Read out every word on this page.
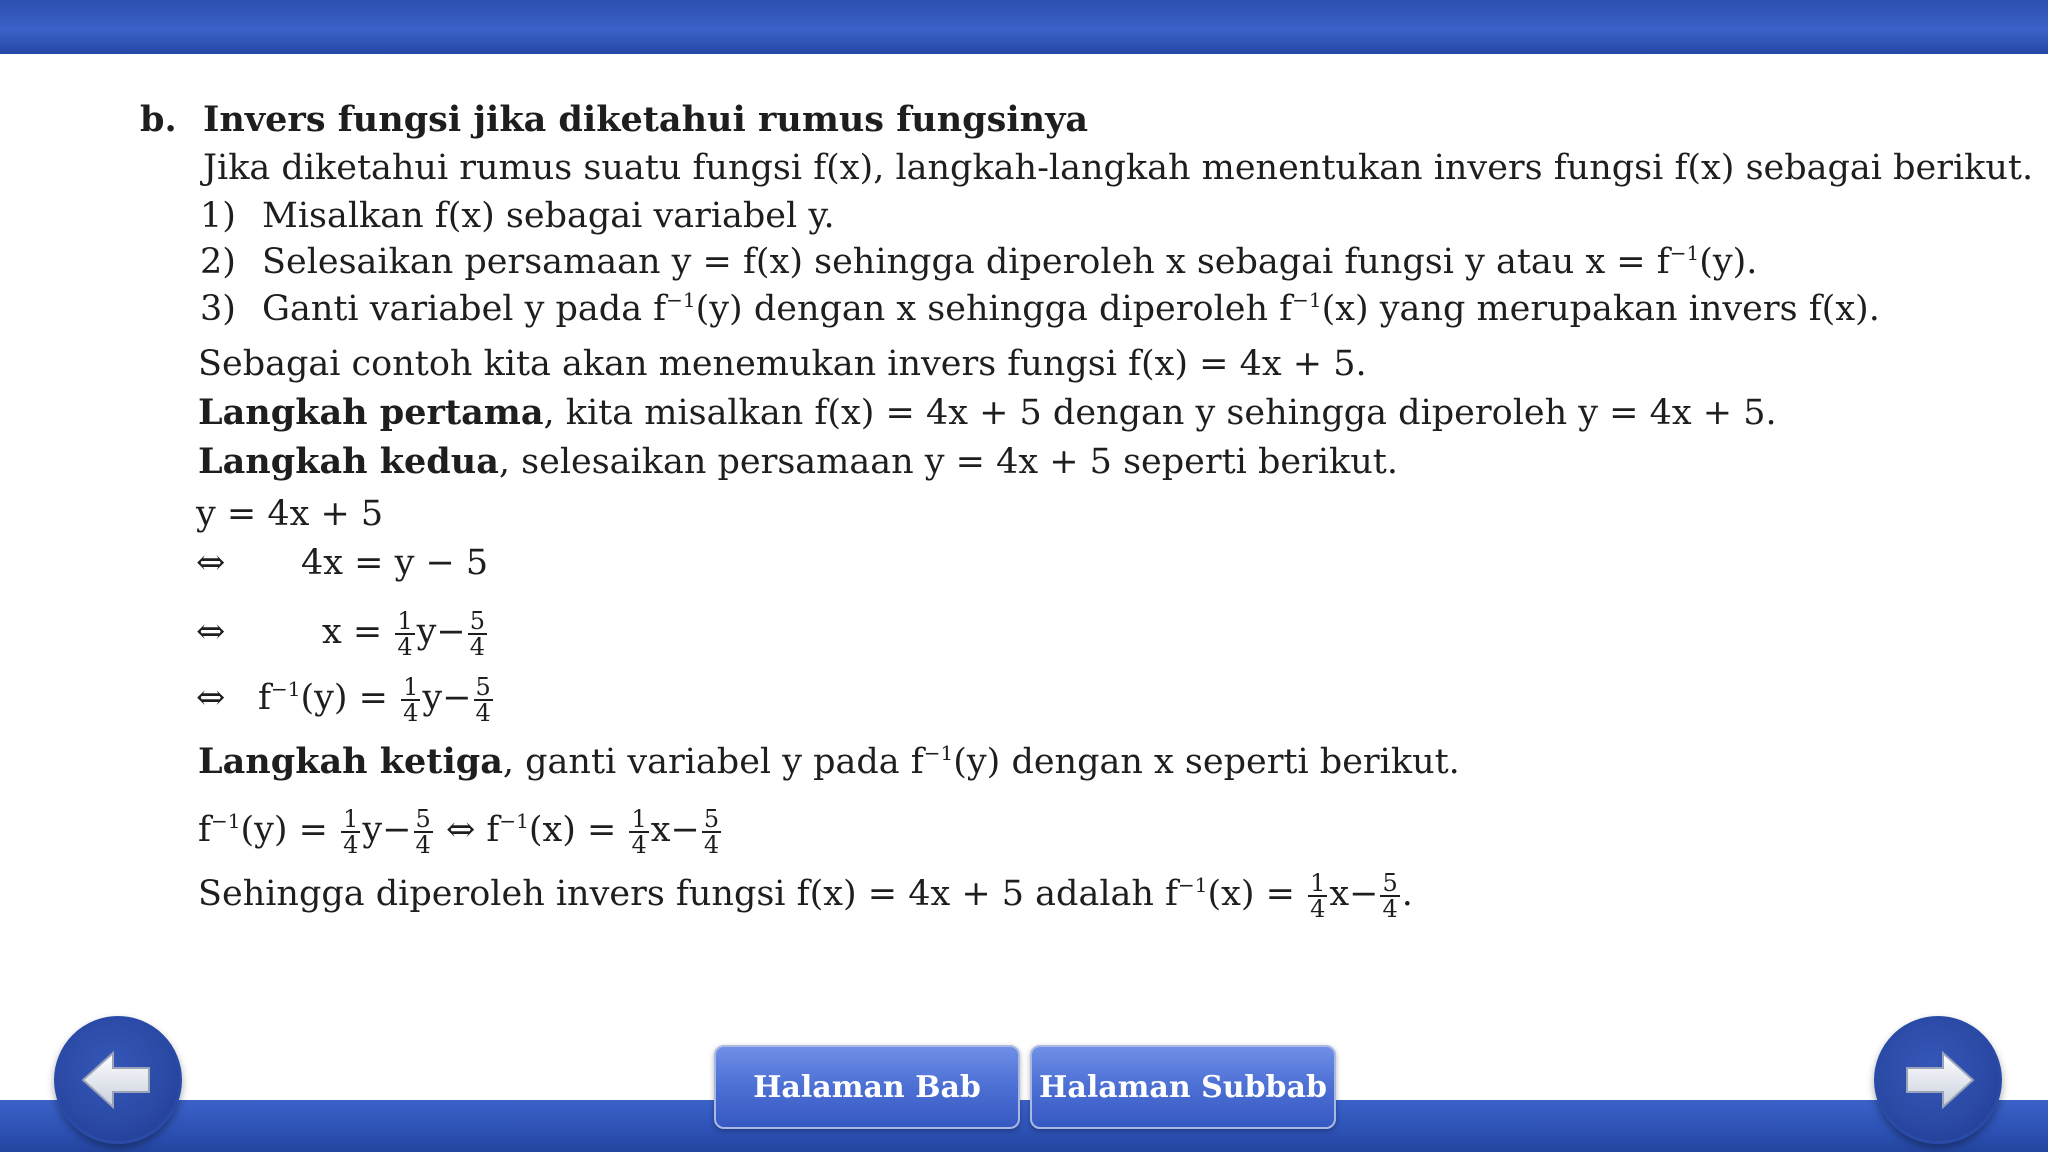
b. Invers fungsi jika diketahui rumus fungsinya
Jika diketahui rumus suatu fungsi f(x), langkah-langkah menentukan invers fungsi f(x) sebagai berikut.
1) Misalkan f(x) sebagai variabel y.
2) Selesaikan persamaan y = f(x) sehingga diperoleh x sebagai fungsi y atau $x = f^{-1}(y)$.
3) Ganti variabel y pada $f^{-1}(y)$ dengan x sehingga diperoleh $f^{-1}(x)$ yang merupakan invers f(x).
Sebagai contoh kita akan menemukan invers fungsi f(x) = 4x + 5.
Langkah pertama, kita misalkan f(x) = 4x + 5 dengan y sehingga diperoleh y = 4x + 5.
Langkah kedua, selesaikan persamaan y = 4x + 5 seperti berikut.
y = 4x + 5
⇔ 4x = y − 5
⇔	$x = \frac{1}{4} y- \frac{5}{4}$
⇔ $f^{-1}(y) = \frac{1}{4} y- \frac{5}{4}$
Langkah ketiga, ganti variabel y pada $f^{-1}(y)$ dengan x seperti berikut.
$f^{-1}(y) = \frac{1}{4} y- \frac{5}{4}$ ⇔ $f^{-1}(x) = \frac{1}{4} x- \frac{5}{4}$
Sehingga diperoleh invers fungsi f(x) = 4x + 5 adalah $f^{-1}(x) = \frac{1}{4} x- \frac{5}{4}$ .
Halaman Bab	Halaman Subbab
